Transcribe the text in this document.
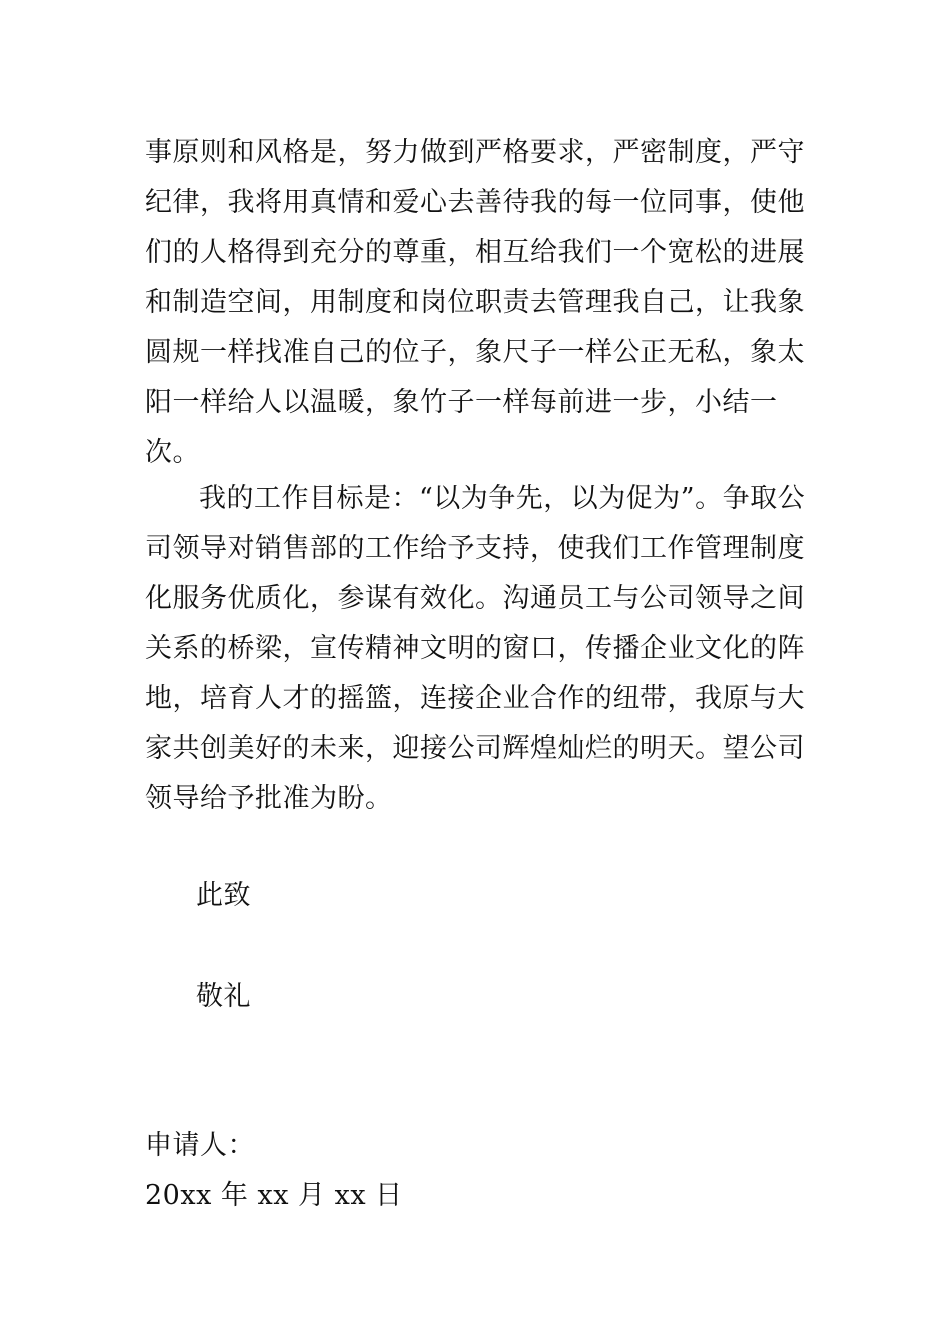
事原则和风格是，努力做到严格要求，严密制度，严守纪律，我将用真情和爱心去善待我的每一位同事，使他们的人格得到充分的尊重，相互给我们一个宽松的进展和制造空间，用制度和岗位职责去管理我自己，让我象圆规一样找准自己的位子，象尺子一样公正无私，象太阳一样给人以温暖，象竹子一样每前进一步，小结一次。

我的工作目标是：“以为争先，以为促为”。争取公司领导对销售部的工作给予支持，使我们工作管理制度化服务优质化，参谋有效化。沟通员工与公司领导之间关系的桥梁，宣传精神文明的窗口，传播企业文化的阵地，培育人才的摇篮，连接企业合作的纽带，我原与大家共创美好的未来，迎接公司辉煌灿烂的明天。望公司领导给予批准为盼。

此致

敬礼

申请人：

20xx 年 xx 月 xx 日
